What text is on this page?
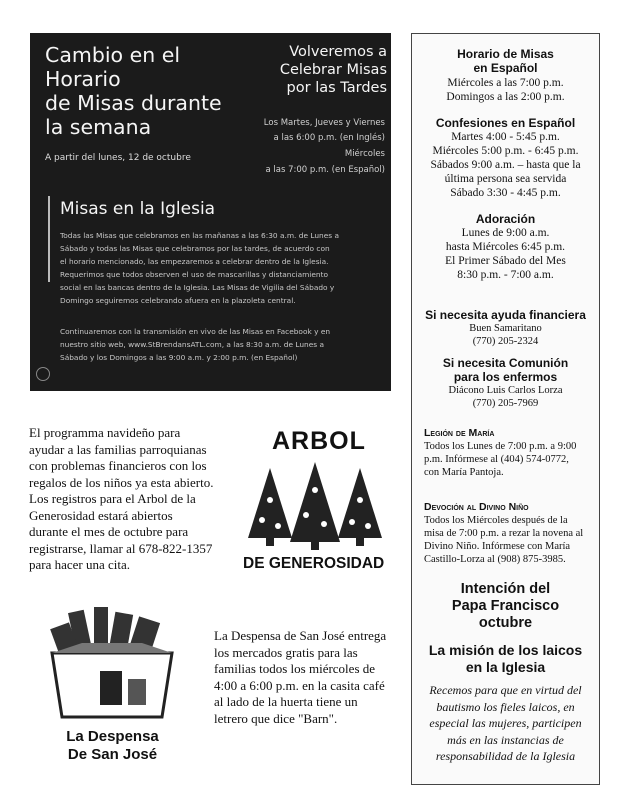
Cambio en el
Horario
de Misas durante
la semana
A partir del lunes, 12 de octubre
Volveremos a
Celebrar Misas
por las Tardes
Los Martes, Jueves y Viernes
a las 6:00 p.m. (en Inglés)
Miércoles
a las 7:00 p.m. (en Español)
Misas en la Iglesia
Todas las Misas que celebramos en las mañanas a las 6:30 a.m. de Lunes a
Sábado y todas las Misas que celebramos por las tardes, de acuerdo con
el horario mencionado, las empezaremos a celebrar dentro de la Iglesia.
Requerimos que todos observen el uso de mascarillas y distanciamiento
social en las bancas dentro de la Iglesia. Las Misas de Vigilia del Sábado y
Domingo seguiremos celebrando afuera en la plazoleta central.
Continuaremos con la transmisión en vivo de las Misas en Facebook y en
nuestro sitio web, www.StBrendansATL.com, a las 8:30 a.m. de Lunes a
Sábado y los Domingos a las 9:00 a.m. y 2:00 p.m. (en Español)
Horario de Misas
en Español
Miércoles a las 7:00 p.m.
Domingos a las 2:00 p.m.
Confesiones en Español
Martes 4:00 - 5:45 p.m.
Miércoles 5:00 p.m. - 6:45 p.m.
Sábados 9:00 a.m. – hasta que la
última persona sea servida
Sábado 3:30 - 4:45 p.m.
Adoración
Lunes de 9:00 a.m.
hasta Miércoles 6:45 p.m.
El Primer Sábado del Mes
8:30 p.m. - 7:00 a.m.
Si necesita ayuda financiera
Buen Samaritano
(770) 205-2324
Si necesita Comunión
para los enfermos
Diácono Luis Carlos Lorza
(770) 205-7969
Legión de María
Todos los Lunes de 7:00 p.m. a 9:00
p.m. Infórmese al (404) 574-0772,
con María Pantoja.
Devoción al Divino Niño
Todos los Miércoles después de la
misa de 7:00 p.m. a rezar la novena al
Divino Niño. Infórmese con María
Castillo-Lorza al (908) 875-3985.
Intención del
Papa Francisco
octubre
La misión de los laicos
en la Iglesia
Recemos para que en virtud del
bautismo los fieles laicos, en
especial las mujeres, participen
más en las instancias de
responsabilidad de la Iglesia
El programma navideño para
ayudar a las familias parroquianas
con problemas financieros con los
regalos de los niños ya esta abierto.
Los registros para el Arbol de la
Generosidad estará abiertos
durante el mes de octubre para
registrarse, llamar al 678-822-1357
para hacer una cita.
ARBOL
DE GENEROSIDAD
La Despensa
De San José
La Despensa de San José entrega
los mercados gratis para las
familias todos los miércoles de
4:00 a 6:00 p.m. en la casita café
al lado de la huerta tiene un
letrero que dice "Barn".
